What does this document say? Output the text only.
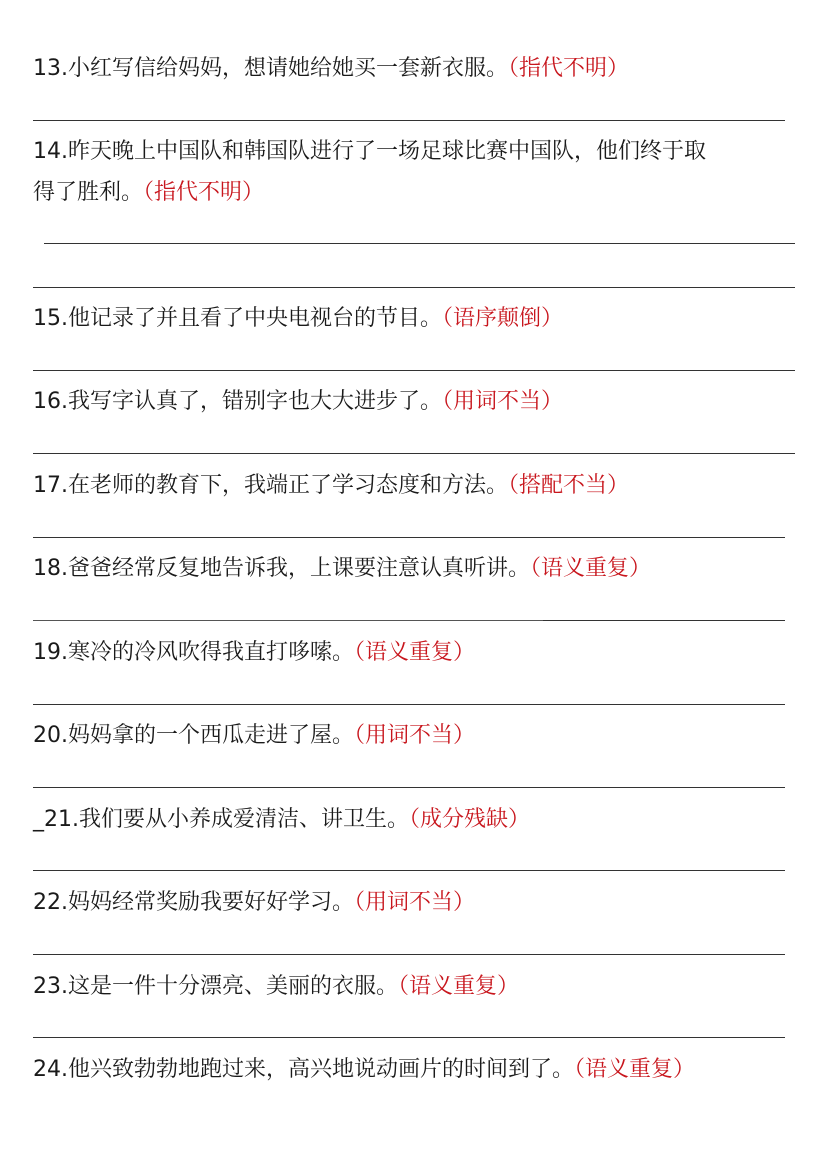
13.小红写信给妈妈，想请她给她买一套新衣服。（指代不明）
14.昨天晚上中国队和韩国队进行了一场足球比赛中国队，他们终于取
得了胜利。（指代不明）
15.他记录了并且看了中央电视台的节目。（语序颠倒）
16.我写字认真了，错别字也大大进步了。（用词不当）
17.在老师的教育下，我端正了学习态度和方法。（搭配不当）
18.爸爸经常反复地告诉我，上课要注意认真听讲。（语义重复）
19.寒冷的冷风吹得我直打哆嗦。（语义重复）
20.妈妈拿的一个西瓜走进了屋。（用词不当）
_21.我们要从小养成爱清洁、讲卫生。（成分残缺）
22.妈妈经常奖励我要好好学习。（用词不当）
23.这是一件十分漂亮、美丽的衣服。（语义重复）
24.他兴致勃勃地跑过来，高兴地说动画片的时间到了。（语义重复）
